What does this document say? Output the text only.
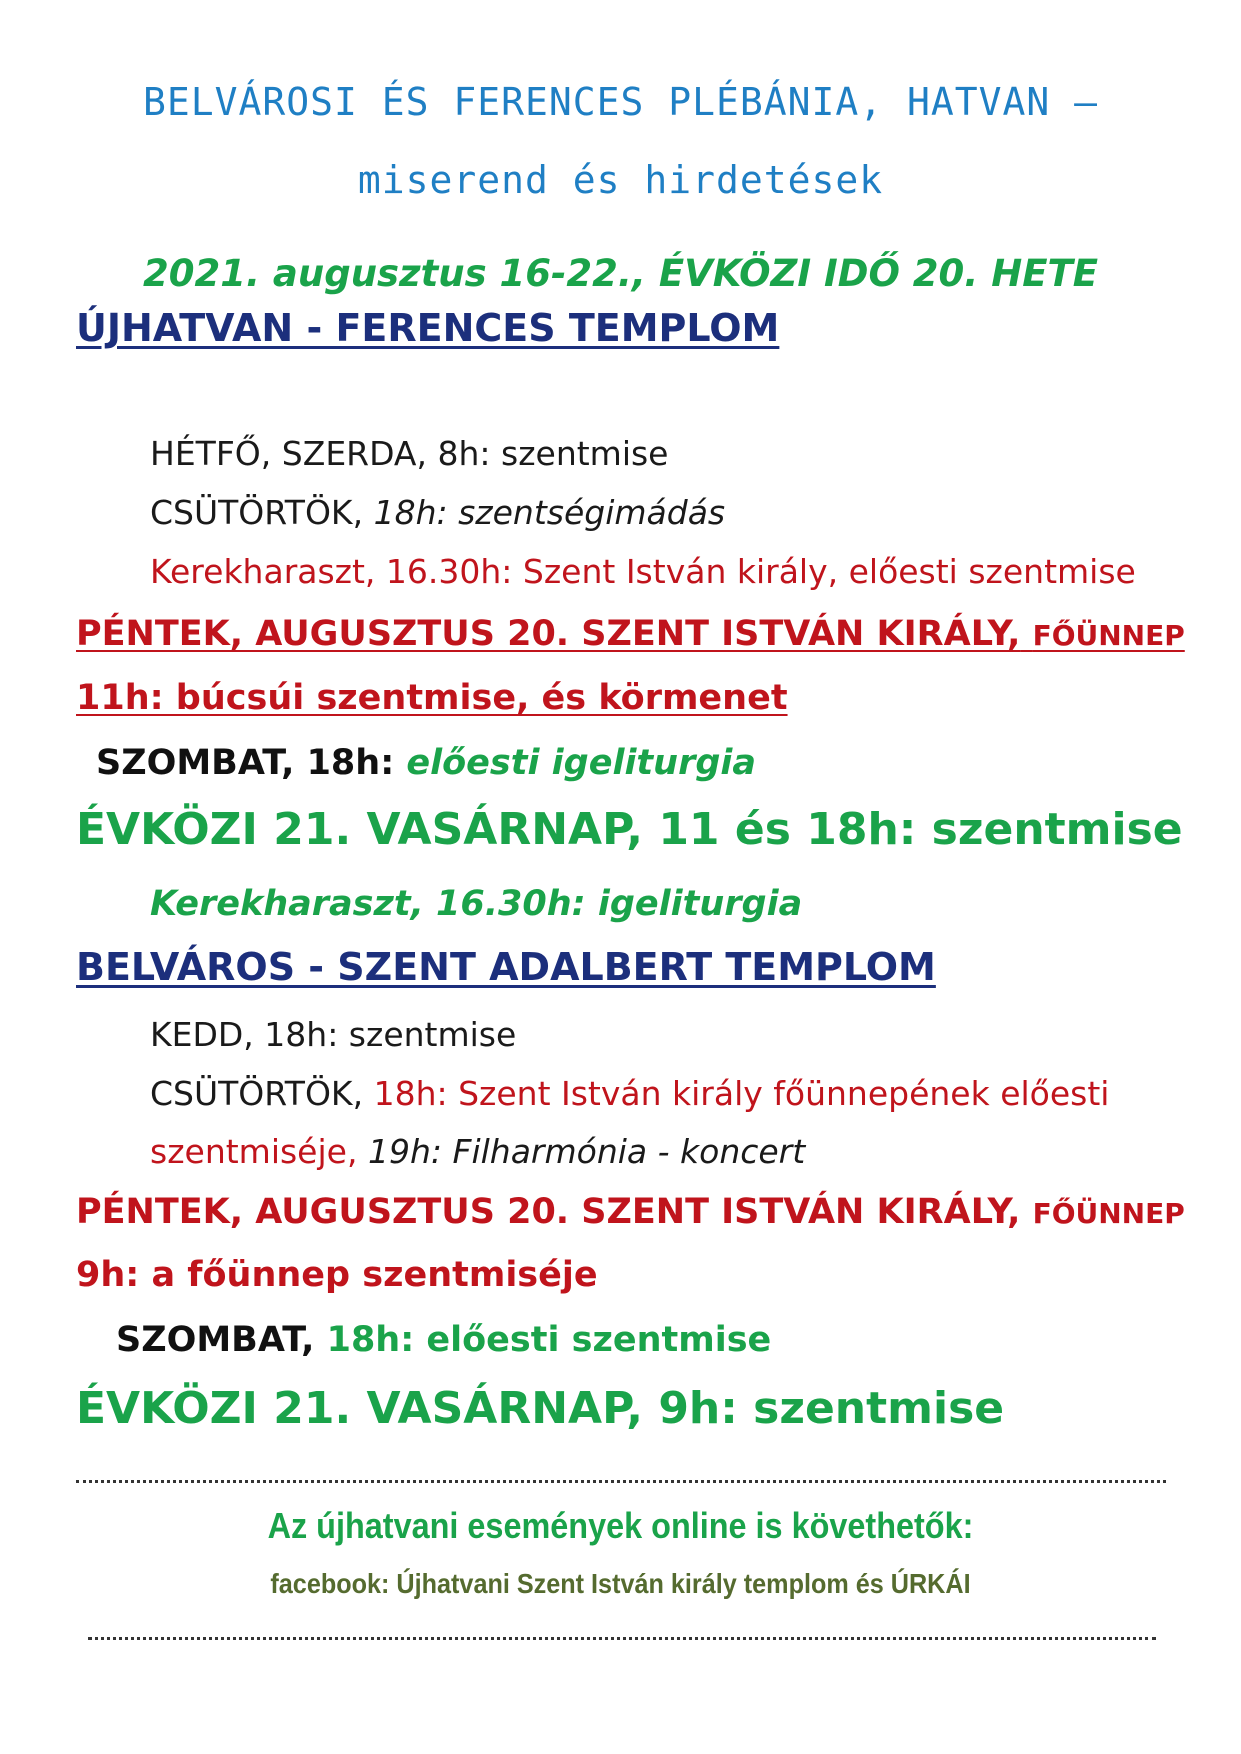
BELVÁROSI ÉS FERENCES PLÉBÁNIA, HATVAN –
miserend és hirdetések
2021. augusztus 16-22., ÉVKÖZI IDŐ 20. HETE
ÚJHATVAN - FERENCES TEMPLOM
HÉTFŐ, SZERDA, 8h: szentmise
CSÜTÖRTÖK, 18h: szentségimádás
Kerekharaszt, 16.30h: Szent István király, előesti szentmise
PÉNTEK, AUGUSZTUS 20. SZENT ISTVÁN KIRÁLY, FŐÜNNEP
11h: búcsúi szentmise, és körmenet
SZOMBAT, 18h: előesti igeliturgia
ÉVKÖZI 21. VASÁRNAP, 11 és 18h: szentmise
Kerekharaszt, 16.30h: igeliturgia
BELVÁROS - SZENT ADALBERT TEMPLOM
KEDD, 18h: szentmise
CSÜTÖRTÖK, 18h: Szent István király főünnepének előesti
szentmiséje, 19h: Filharmónia - koncert
PÉNTEK, AUGUSZTUS 20. SZENT ISTVÁN KIRÁLY, FŐÜNNEP
9h: a főünnep szentmiséje
SZOMBAT, 18h: előesti szentmise
ÉVKÖZI 21. VASÁRNAP, 9h: szentmise
Az újhatvani események online is követhetők:
facebook: Újhatvani Szent István király templom és ÚRKÁI
